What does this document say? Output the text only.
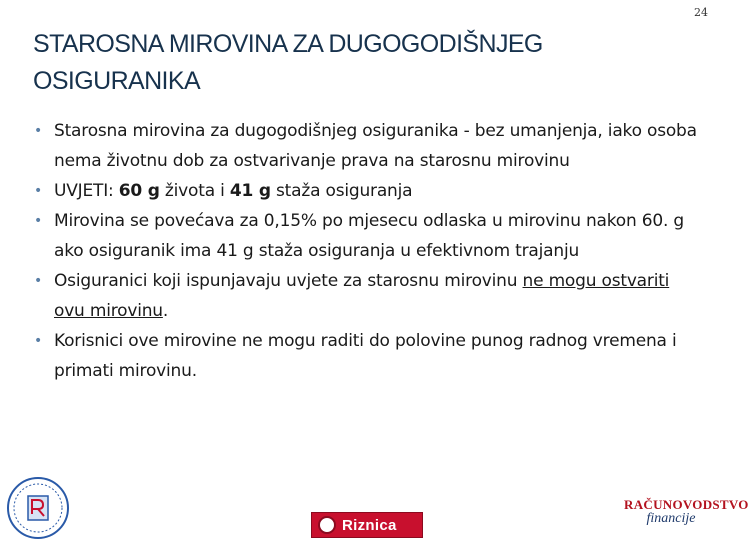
24
STAROSNA MIROVINA ZA DUGOGODIŠNJEG OSIGURANIKA
• Starosna mirovina za dugogodišnjeg osiguranika - bez umanjenja, iako osoba nema životnu dob za ostvarivanje prava na starosnu mirovinu
• UVJETI: 60 g života i 41 g staža osiguranja
• Mirovina se povećava za 0,15% po mjesecu odlaska u mirovinu nakon 60. g ako osiguranik ima 41 g staža osiguranja u efektivnom trajanju
• Osiguranici koji ispunjavaju uvjete za starosnu mirovinu ne mogu ostvariti ovu mirovinu.
• Korisnici ove mirovine ne mogu raditi do polovine punog radnog vremena i primati mirovinu.
Riznica
RAČUNOVODSTVO
financije
